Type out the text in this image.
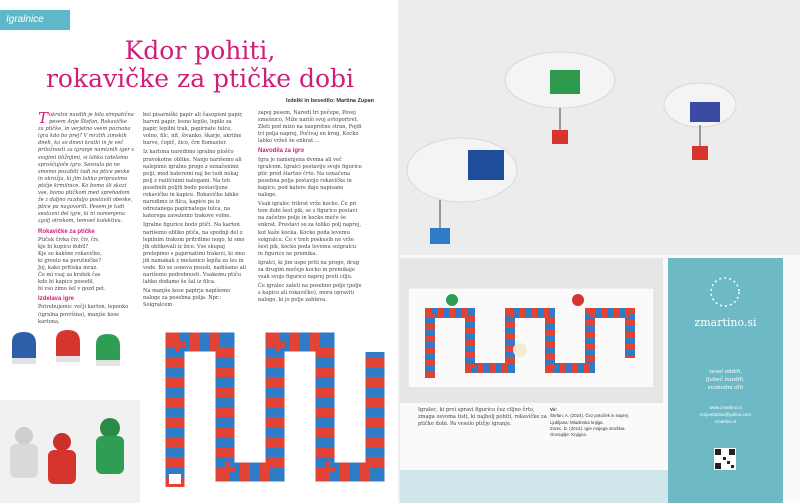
Igralnice
Kdor pohiti,
rokavičke za ptičke dobi
Izdelki in besedilo: Martina Zupan

Tokratni navdih je bila simpatična pesem Anje Štefan, Rokavičke za ptičke, in verjetno vsem poznana igra kdo bo prej? V mrzlih zimskih dneh, ko so dnevi kratki in je več priložnosti za igranje namiznih iger s svojimi bližnjimi, si lahko izdelamo sproščujoče igro. Sesnula pa ne smemo pozabiti tudi na ptice pevke in okrožja, ki jim lahko pripravimo ptičje krmilnice. Ko bomo šli skozi vse, bomo ptičkom med sprehodom že z daljno razdaljo postavili obeske, ptice pa nagovorili. Pesem je tudi sestavni del igre, ki ni namenjena zgolj otrokom, temveč kolektivu.

Rokavičke za ptičke
Ptiček čivka čiv, čiv, čiv,
kje bi kupico dobil?
Kje so kakšne rokavičke,
ki greelo na perutničke?
Joj, kako pritiska mraz.
Če mi vsaj za kratek čas
kdo bi kapico posodil,
bi vso zimo šel v gozd pet.
Izdelava igre

Potrebujemo: večji karton, lepenko (igralna površina), manjše kose kartona,

bel pisarniški papir ali časopisni papir, barvni papir, lesno lepilo, lepilo za papir, lepilni trak, papirnate tulce, volno, filc, nit, šivanko, škarje, akrilne barve, čopič, žico, črn flomaster.

Iz kartona naredimo igralno ploščo pravokotne oblike. Nanjo narišemo ali nalepimo igralno progo z označenimi polji, med kateremi naj bo tudi nekaj polj z različnimi nalogami. Na teh posebnih poljih bodo postavljene rokavičke in kapice. Rokavičke lahko naredimo iz filca, kapice pa iz odrezanega papirnatega tulca, na katerega zavežemo trakove volne.

Igralne figurice bodo ptiči. Na karton narišemo obliko ptiča, na spodnji del z lepilnim trakom pritrdimo nogo, ki smo jih oblikovali iz žice. Vse skupaj prelepimo s papirnatimi trakovi, ki smo jih namakali z mešanico lepila za les in vode. Ko se osnova posuši, nadišamo ali narišemo podrobnosti. Vsakemu ptiču lahko dodamo še šal iz filca.

Na manjše kose papirja napišemo naloge za posebna polja. Npr.: Soigralcem

zapoj pesem, Naredi tri počepe, Povej smešnico, Miže nariši svoj avtoportret, Zleti pod mizo na nasprotno stran, Pojdi tri polja naprej, Počivaj en krog, Kocko lahko vržeš še enkrat ...

Navodila za igro

Igra je namenjena dvema ali več igralcem. Igralci postavijo svoje figurice ptic pred štartno črto. Na označena posebna polja postavijo rokavičke in kapice, pod katere dajo napisane naloge.

Vsak igralec trikrat vrže kocko. Če pri tem dobi šest pik, se s figurico postavi na začetno polje in kocko meče še enkrat. Prestavi se za toliko polj naprej, kot kaže kocka. Kocko poda levemu soigralcu. Če v treh poskusih ne vrže šest pik, kocko poda levemu soigralcu in figurice ne premika.

Igralci, ki jim uspe priti na progo, drug za drugim mečejo kocko in premikajo vsak svojo figurico naprej proti cilju.

Če igralec zaleti na posebno polje (polje s kapico ali rokavičko), mora opraviti nalogo, ki jo polje zahteva.

Igralec, ki prvi spravi figurico čez ciljno črto, zmaga osvoma tisti, ki najbolj pohiti, rokavičke za ptičke dobi. Pa veselo ptičje igranje.
Vir:
Štefan, A. (2024). Čez potoček in naprej.
Ljubljana: Mladinska knjiga.
Zorec, D. (2014). Igre mojega otroštva.
Grosuplje: Knjigca.
zmartino.si
vesel oddih,
ljubeč navdih,
svobodni dih
www.zmartino.si
mojomartina@yahoo.com
zmartino.si
